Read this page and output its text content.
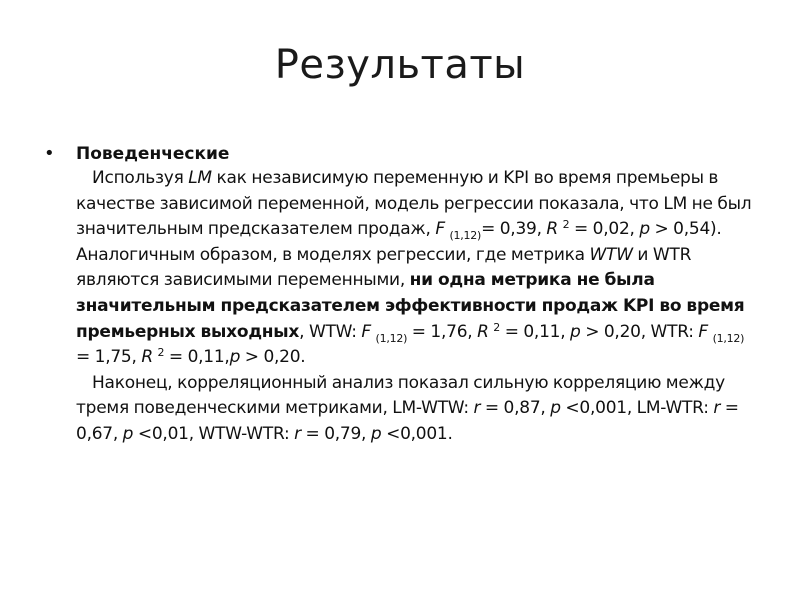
Результаты
•	Поведенческие
Используя LM как независимую переменную и KPI во время премьеры в качестве зависимой переменной, модель регрессии показала, что LM не был значительным предсказателем продаж, F $_{(1,12)}$= 0,39, R $^2$ = 0,02, p > 0,54). Аналогичным образом, в моделях регрессии, где метрика WTW и WTR являются зависимыми переменными, ни одна метрика не была значительным предсказателем эффективности продаж KPI во время премьерных выходных, WTW: F $_{(1,12)}$ = 1,76, R $^2$ = 0,11, p > 0,20, WTR: F $_{(1,12)}$ = 1,75, R $^2$ = 0,11,p > 0,20.
Наконец, корреляционный анализ показал сильную корреляцию между тремя поведенческими метриками, LM-WTW: r = 0,87, p <0,001, LM-WTR: r = 0,67, p <0,01, WTW-WTR: r = 0,79, p <0,001.
